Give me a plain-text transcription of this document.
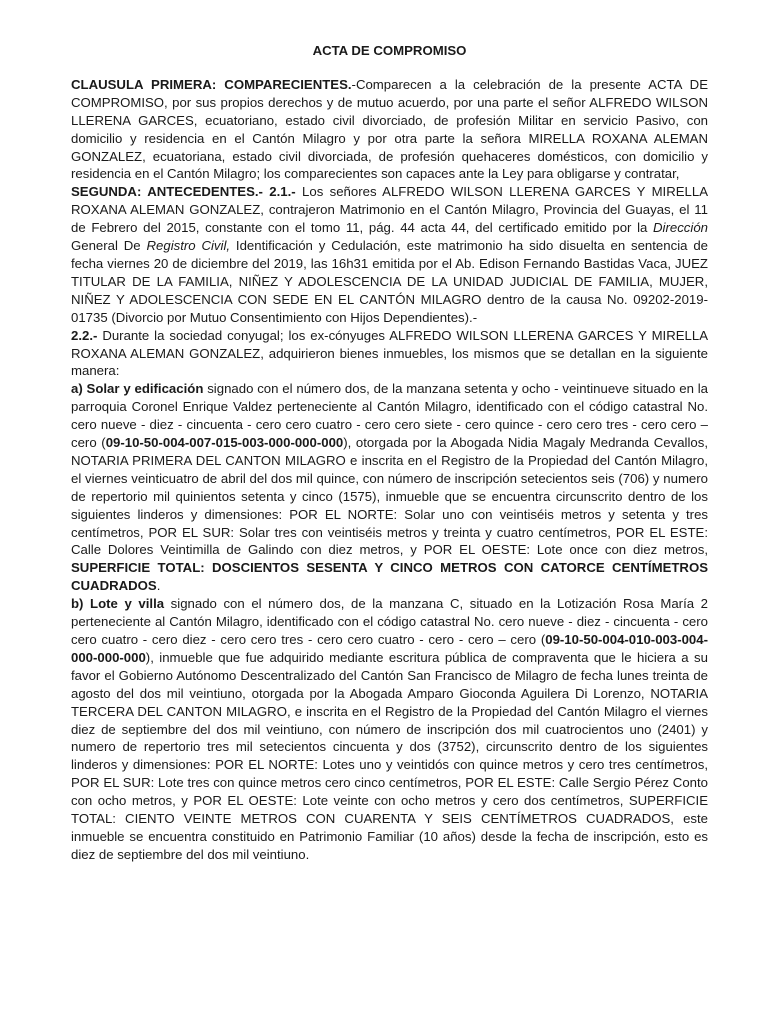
ACTA DE COMPROMISO

CLAUSULA PRIMERA: COMPARECIENTES.-Comparecen a la celebración de la presente ACTA DE COMPROMISO, por sus propios derechos y de mutuo acuerdo, por una parte el señor ALFREDO WILSON LLERENA GARCES, ecuatoriano, estado civil divorciado, de profesión Militar en servicio Pasivo, con domicilio y residencia en el Cantón Milagro y por otra parte la señora MIRELLA ROXANA ALEMAN GONZALEZ, ecuatoriana, estado civil divorciada, de profesión quehaceres domésticos, con domicilio y residencia en el Cantón Milagro; los comparecientes son capaces ante la Ley para obligarse y contratar,

SEGUNDA: ANTECEDENTES.- 2.1.- Los señores ALFREDO WILSON LLERENA GARCES Y MIRELLA ROXANA ALEMAN GONZALEZ, contrajeron Matrimonio en el Cantón Milagro, Provincia del Guayas, el 11 de Febrero del 2015, constante con el tomo 11, pág. 44 acta 44, del certificado emitido por la Dirección General De Registro Civil, Identificación y Cedulación, este matrimonio ha sido disuelta en sentencia de fecha viernes 20 de diciembre del 2019, las 16h31 emitida por el Ab. Edison Fernando Bastidas Vaca, JUEZ TITULAR DE LA FAMILIA, NIÑEZ Y ADOLESCENCIA DE LA UNIDAD JUDICIAL DE FAMILIA, MUJER, NIÑEZ Y ADOLESCENCIA CON SEDE EN EL CANTÓN MILAGRO dentro de la causa No. 09202-2019-01735 (Divorcio por Mutuo Consentimiento con Hijos Dependientes).-

2.2.- Durante la sociedad conyugal; los ex-cónyuges ALFREDO WILSON LLERENA GARCES Y MIRELLA ROXANA ALEMAN GONZALEZ, adquirieron bienes inmuebles, los mismos que se detallan en la siguiente manera:

a) Solar y edificación signado con el número dos, de la manzana setenta y ocho - veintinueve situado en la parroquia Coronel Enrique Valdez perteneciente al Cantón Milagro, identificado con el código catastral No. cero nueve - diez - cincuenta - cero cero cuatro - cero cero siete - cero quince - cero cero tres - cero cero – cero (09-10-50-004-007-015-003-000-000-000), otorgada por la Abogada Nidia Magaly Medranda Cevallos, NOTARIA PRIMERA DEL CANTON MILAGRO e inscrita en el Registro de la Propiedad del Cantón Milagro, el viernes veinticuatro de abril del dos mil quince, con número de inscripción setecientos seis (706) y numero de repertorio mil quinientos setenta y cinco (1575), inmueble que se encuentra circunscrito dentro de los siguientes linderos y dimensiones: POR EL NORTE: Solar uno con veintiséis metros y setenta y tres centímetros, POR EL SUR: Solar tres con veintiséis metros y treinta y cuatro centímetros, POR EL ESTE: Calle Dolores Veintimilla de Galindo con diez metros, y POR EL OESTE: Lote once con diez metros, SUPERFICIE TOTAL: DOSCIENTOS SESENTA Y CINCO METROS CON CATORCE CENTÍMETROS CUADRADOS.

b) Lote y villa signado con el número dos, de la manzana C, situado en la Lotización Rosa María 2 perteneciente al Cantón Milagro, identificado con el código catastral No. cero nueve - diez - cincuenta - cero cero cuatro - cero diez - cero cero tres - cero cero cuatro - cero - cero – cero (09-10-50-004-010-003-004-000-000-000), inmueble que fue adquirido mediante escritura pública de compraventa que le hiciera a su favor el Gobierno Autónomo Descentralizado del Cantón San Francisco de Milagro de fecha lunes treinta de agosto del dos mil veintiuno, otorgada por la Abogada Amparo Gioconda Aguilera Di Lorenzo, NOTARIA TERCERA DEL CANTON MILAGRO, e inscrita en el Registro de la Propiedad del Cantón Milagro el viernes diez de septiembre del dos mil veintiuno, con número de inscripción dos mil cuatrocientos uno (2401) y numero de repertorio tres mil setecientos cincuenta y dos (3752), circunscrito dentro de los siguientes linderos y dimensiones: POR EL NORTE: Lotes uno y veintidós con quince metros y cero tres centímetros, POR EL SUR: Lote tres con quince metros cero cinco centímetros, POR EL ESTE: Calle Sergio Pérez Conto con ocho metros, y POR EL OESTE: Lote veinte con ocho metros y cero dos centímetros, SUPERFICIE TOTAL: CIENTO VEINTE METROS CON CUARENTA Y SEIS CENTÍMETROS CUADRADOS, este inmueble se encuentra constituido en Patrimonio Familiar (10 años) desde la fecha de inscripción, esto es diez de septiembre del dos mil veintiuno.
